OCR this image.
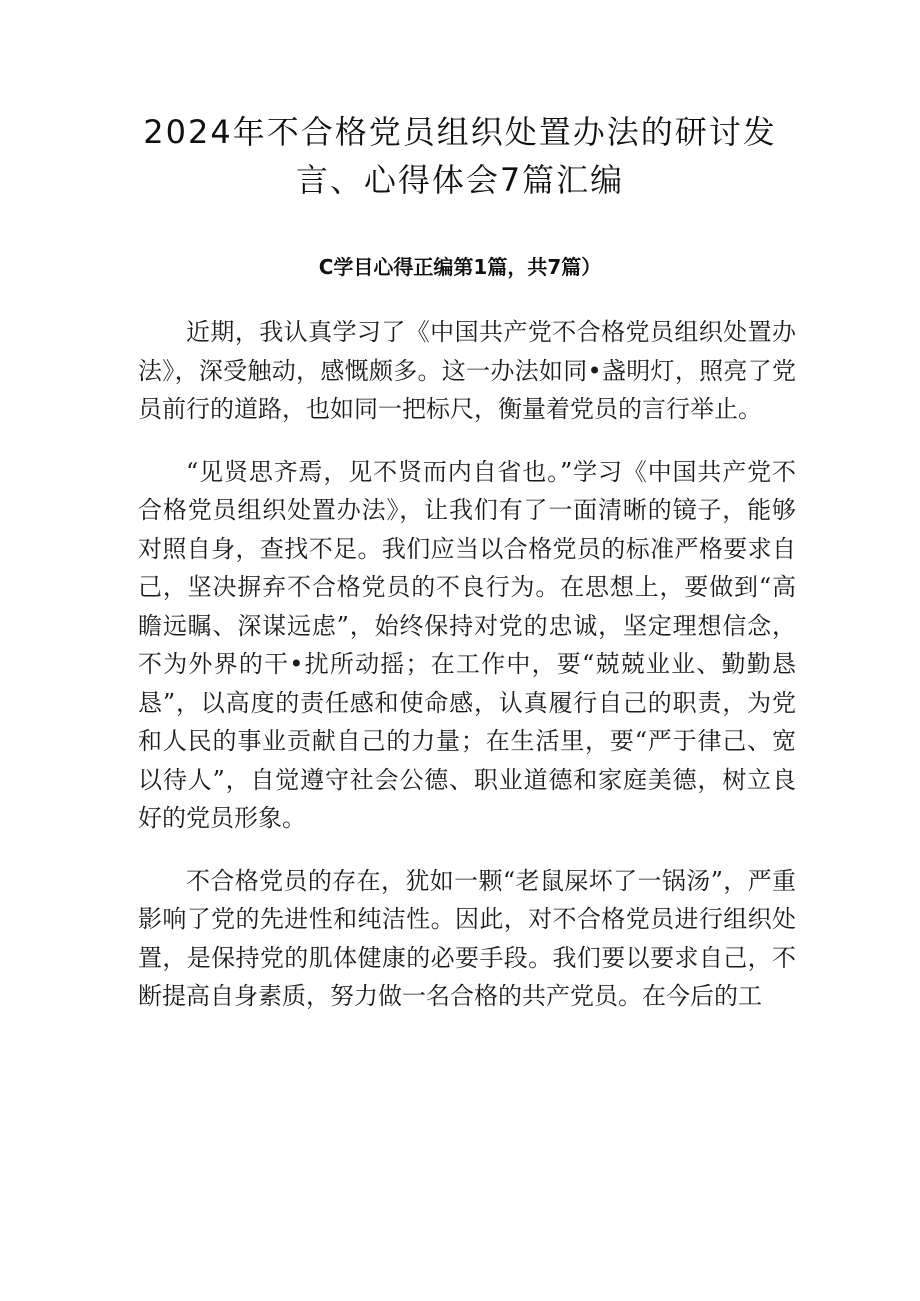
2024年不合格党员组织处置办法的研讨发
言、心得体会7篇汇编

C学目心得正编第1篇，共7篇）

近期，我认真学习了《中国共产党不合格党员组织处置办法》，深受触动，感慨颇多。这一办法如同•盏明灯，照亮了党员前行的道路，也如同一把标尺，衡量着党员的言行举止。

“见贤思齐焉，见不贤而内自省也。”学习《中国共产党不合格党员组织处置办法》，让我们有了一面清晰的镜子，能够对照自身，查找不足。我们应当以合格党员的标准严格要求自己，坚决摒弃不合格党员的不良行为。在思想上，要做到“高瞻远瞩、深谋远虑”，始终保持对党的忠诚，坚定理想信念，不为外界的干•扰所动摇；在工作中，要“兢兢业业、勤勤恳恳”，以高度的责任感和使命感，认真履行自己的职责，为党和人民的事业贡献自己的力量；在生活里，要“严于律己、宽以待人”，自觉遵守社会公德、职业道德和家庭美德，树立良好的党员形象。

不合格党员的存在，犹如一颗“老鼠屎坏了一锅汤”，严重影响了党的先进性和纯洁性。因此，对不合格党员进行组织处置，是保持党的肌体健康的必要手段。我们要以要求自己，不断提高自身素质，努力做一名合格的共产党员。在今后的工
